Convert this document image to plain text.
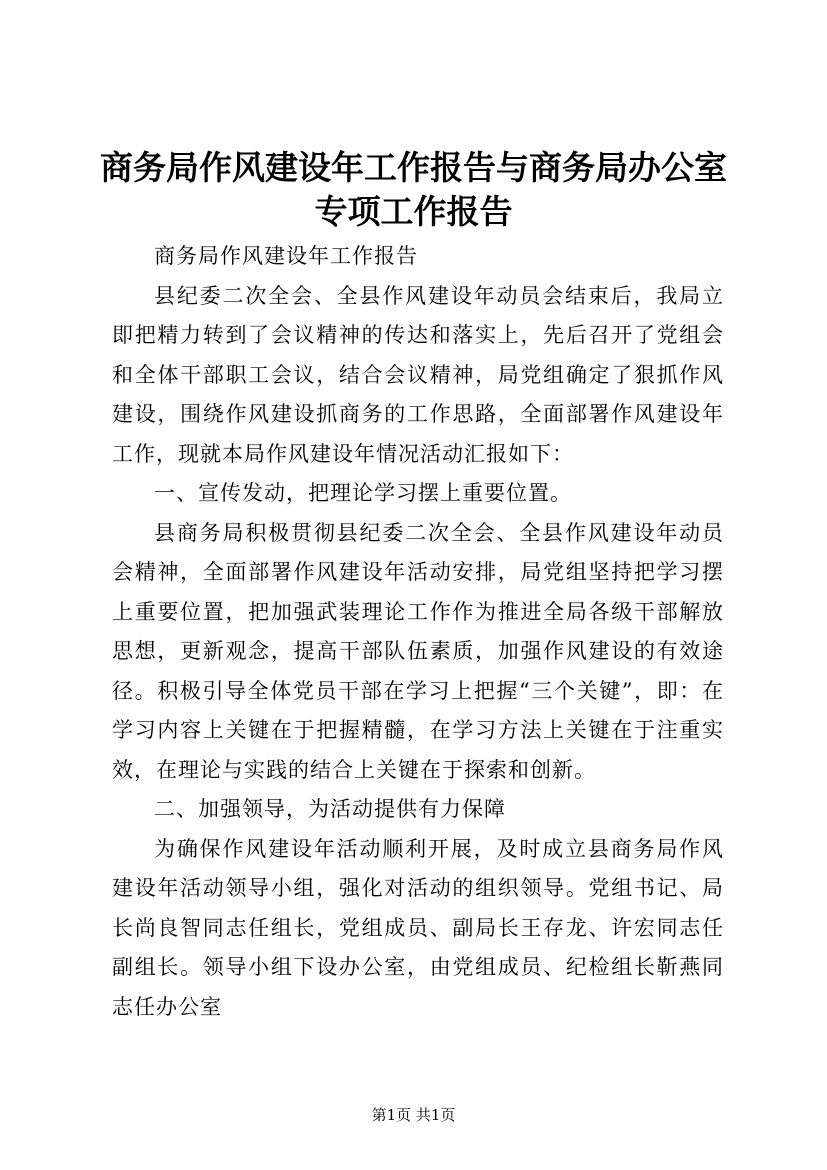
商务局作风建设年工作报告与商务局办公室专项工作报告

商务局作风建设年工作报告

县纪委二次全会、全县作风建设年动员会结束后，我局立即把精力转到了会议精神的传达和落实上，先后召开了党组会和全体干部职工会议，结合会议精神，局党组确定了狠抓作风建设，围绕作风建设抓商务的工作思路，全面部署作风建设年工作，现就本局作风建设年情况活动汇报如下：

一、宣传发动，把理论学习摆上重要位置。

县商务局积极贯彻县纪委二次全会、全县作风建设年动员会精神，全面部署作风建设年活动安排，局党组坚持把学习摆上重要位置，把加强武装理论工作作为推进全局各级干部解放思想，更新观念，提高干部队伍素质，加强作风建设的有效途径。积极引导全体党员干部在学习上把握“三个关键”，即：在学习内容上关键在于把握精髓，在学习方法上关键在于注重实效，在理论与实践的结合上关键在于探索和创新。

二、加强领导，为活动提供有力保障

为确保作风建设年活动顺利开展，及时成立县商务局作风建设年活动领导小组，强化对活动的组织领导。党组书记、局长尚良智同志任组长，党组成员、副局长王存龙、许宏同志任副组长。领导小组下设办公室，由党组成员、纪检组长靳燕同志任办公室

第1页 共1页
